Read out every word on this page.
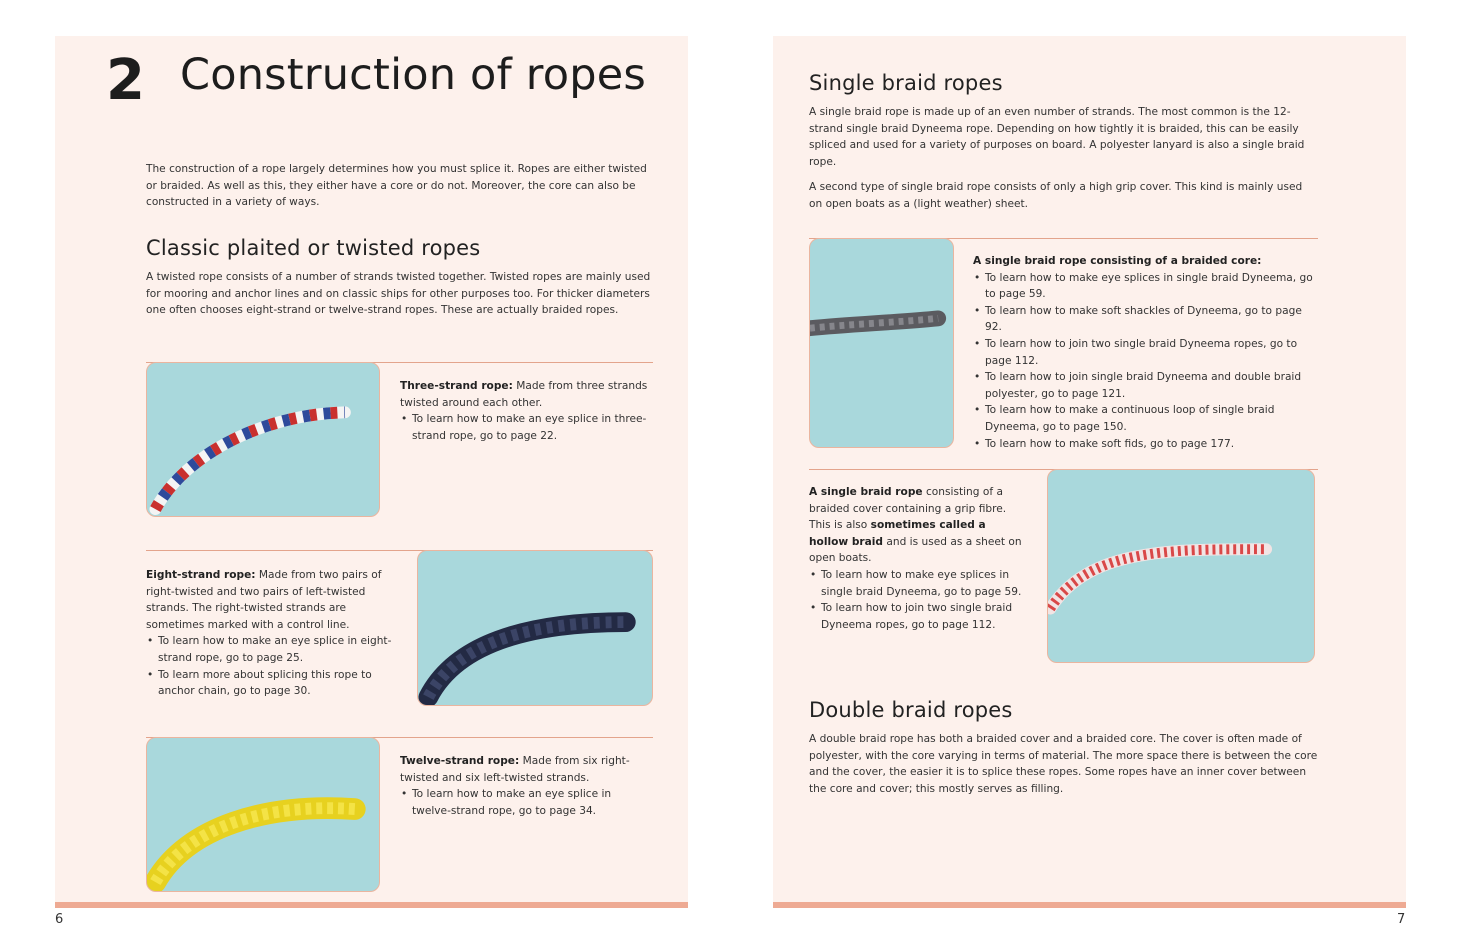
6
2 Construction of ropes
The construction of a rope largely determines how you must splice it. Ropes are either twisted or braided. As well as this, they either have a core or do not. Moreover, the core can also be constructed in a variety of ways.
Classic plaited or twisted ropes
A twisted rope consists of a number of strands twisted together. Twisted ropes are mainly used for mooring and anchor lines and on classic ships for other purposes too. For thicker diameters one often chooses eight-strand or twelve-strand ropes. These are actually braided ropes.
Three-strand rope: Made from three strands twisted around each other.
• To learn how to make an eye splice in three-strand rope, go to page 22.
Eight-strand rope: Made from two pairs of right-twisted and two pairs of left-twisted strands. The right-twisted strands are sometimes marked with a control line.
• To learn how to make an eye splice in eight-strand rope, go to page 25.
• To learn more about splicing this rope to anchor chain, go to page 30.
Twelve-strand rope: Made from six right-twisted and six left-twisted strands.
• To learn how to make an eye splice in twelve-strand rope, go to page 34.
7
Single braid ropes
A single braid rope is made up of an even number of strands. The most common is the 12-strand single braid Dyneema rope. Depending on how tightly it is braided, this can be easily spliced and used for a variety of purposes on board. A polyester lanyard is also a single braid rope.
A second type of single braid rope consists of only a high grip cover. This kind is mainly used on open boats as a (light weather) sheet.
A single braid rope consisting of a braided core:
• To learn how to make eye splices in single braid Dyneema, go to page 59.
• To learn how to make soft shackles of Dyneema, go to page 92.
• To learn how to join two single braid Dyneema ropes, go to page 112.
• To learn how to join single braid Dyneema and double braid polyester, go to page 121.
• To learn how to make a continuous loop of single braid Dyneema, go to page 150.
• To learn how to make soft fids, go to page 177.
A single braid rope consisting of a braided cover containing a grip fibre. This is also sometimes called a hollow braid and is used as a sheet on open boats.
• To learn how to make eye splices in single braid Dyneema, go to page 59.
• To learn how to join two single braid Dyneema ropes, go to page 112.
Double braid ropes
A double braid rope has both a braided cover and a braided core. The cover is often made of polyester, with the core varying in terms of material. The more space there is between the core and the cover, the easier it is to splice these ropes. Some ropes have an inner cover between the core and cover; this mostly serves as filling.
